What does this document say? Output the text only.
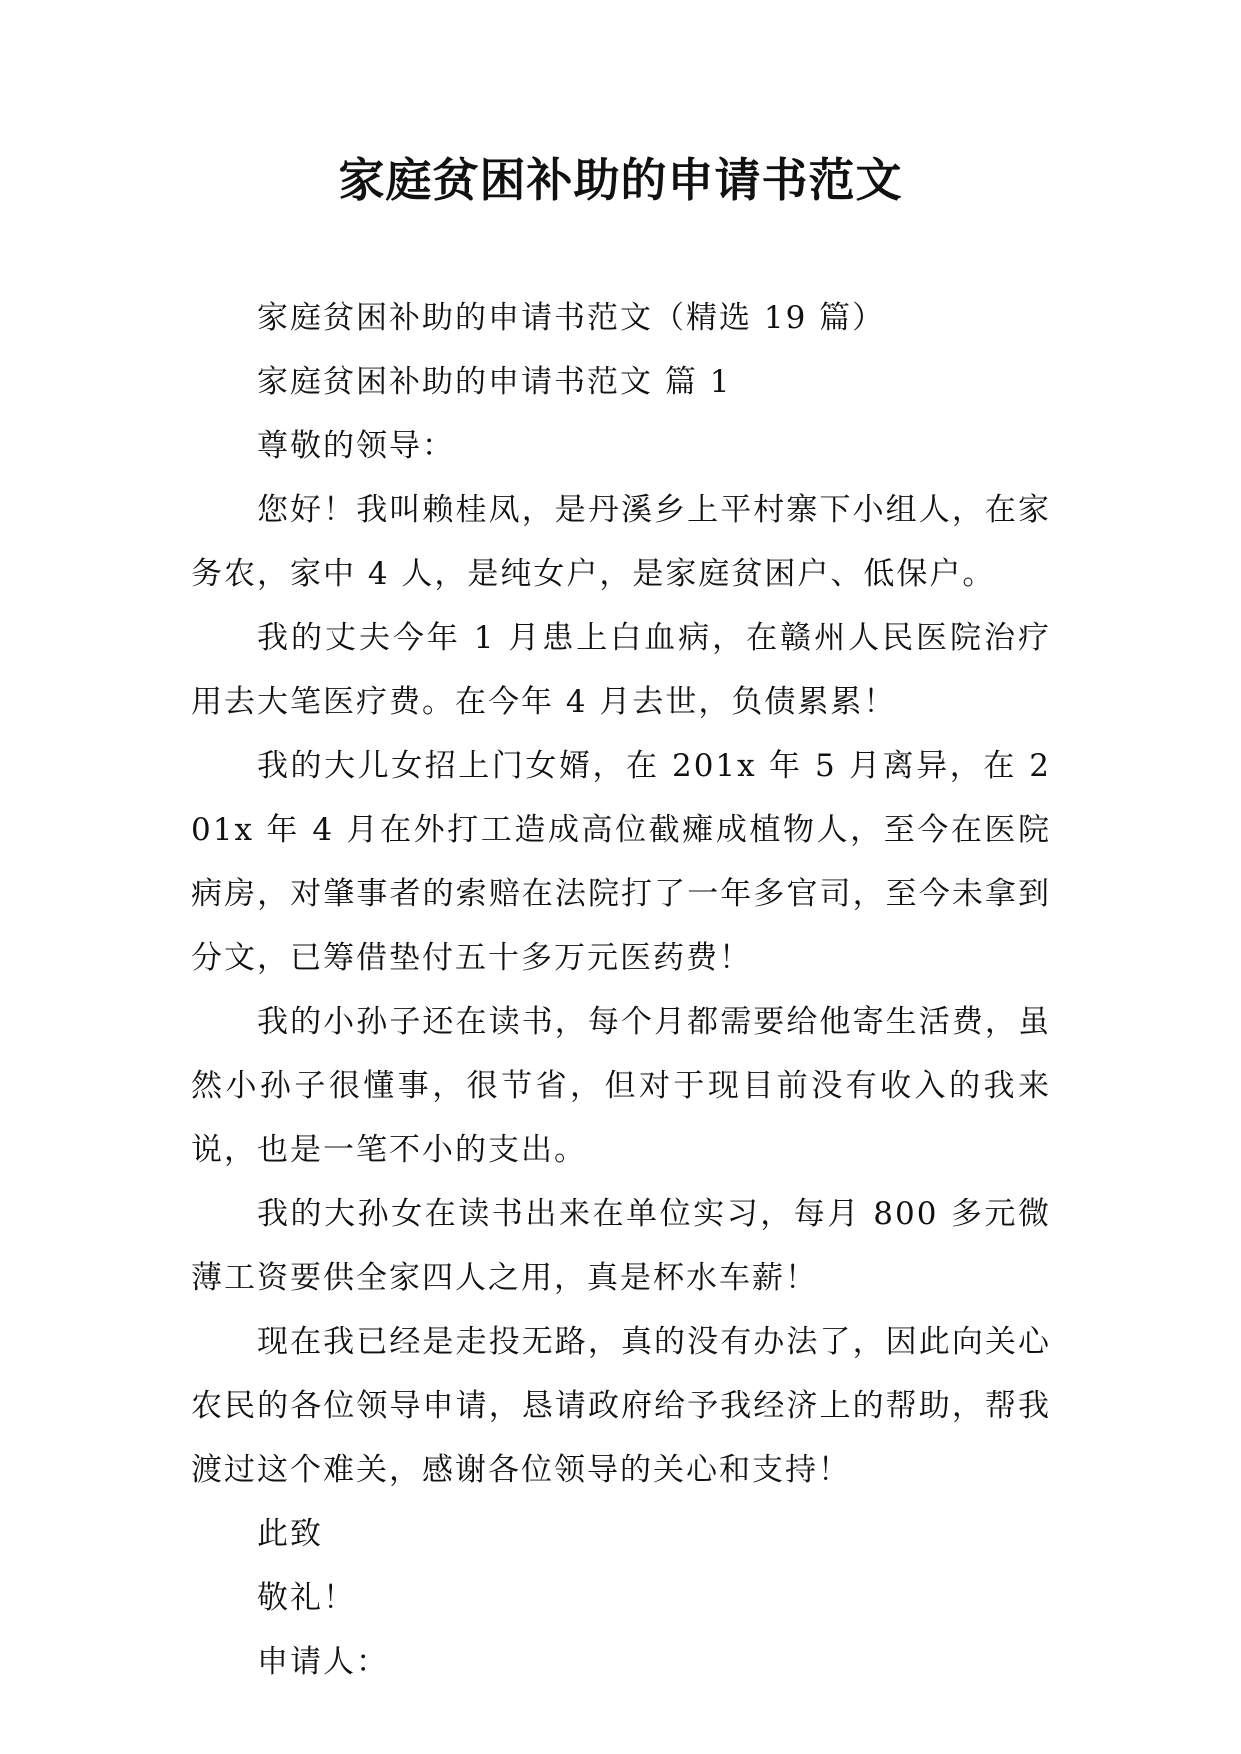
家庭贫困补助的申请书范文

家庭贫困补助的申请书范文（精选 19 篇）

家庭贫困补助的申请书范文 篇 1

尊敬的领导：

您好！我叫赖桂凤，是丹溪乡上平村寨下小组人，在家务农，家中 4 人，是纯女户，是家庭贫困户、低保户。

我的丈夫今年 1 月患上白血病，在赣州人民医院治疗用去大笔医疗费。在今年 4 月去世，负债累累！

我的大儿女招上门女婿，在 201x 年 5 月离异，在 201x 年 4 月在外打工造成高位截瘫成植物人，至今在医院病房，对肇事者的索赔在法院打了一年多官司，至今未拿到分文，已筹借垫付五十多万元医药费！

我的小孙子还在读书，每个月都需要给他寄生活费，虽然小孙子很懂事，很节省，但对于现目前没有收入的我来说，也是一笔不小的支出。

我的大孙女在读书出来在单位实习，每月 800 多元微薄工资要供全家四人之用，真是杯水车薪！

现在我已经是走投无路，真的没有办法了，因此向关心农民的各位领导申请，恳请政府给予我经济上的帮助，帮我渡过这个难关，感谢各位领导的关心和支持！

此致

敬礼！

申请人：
